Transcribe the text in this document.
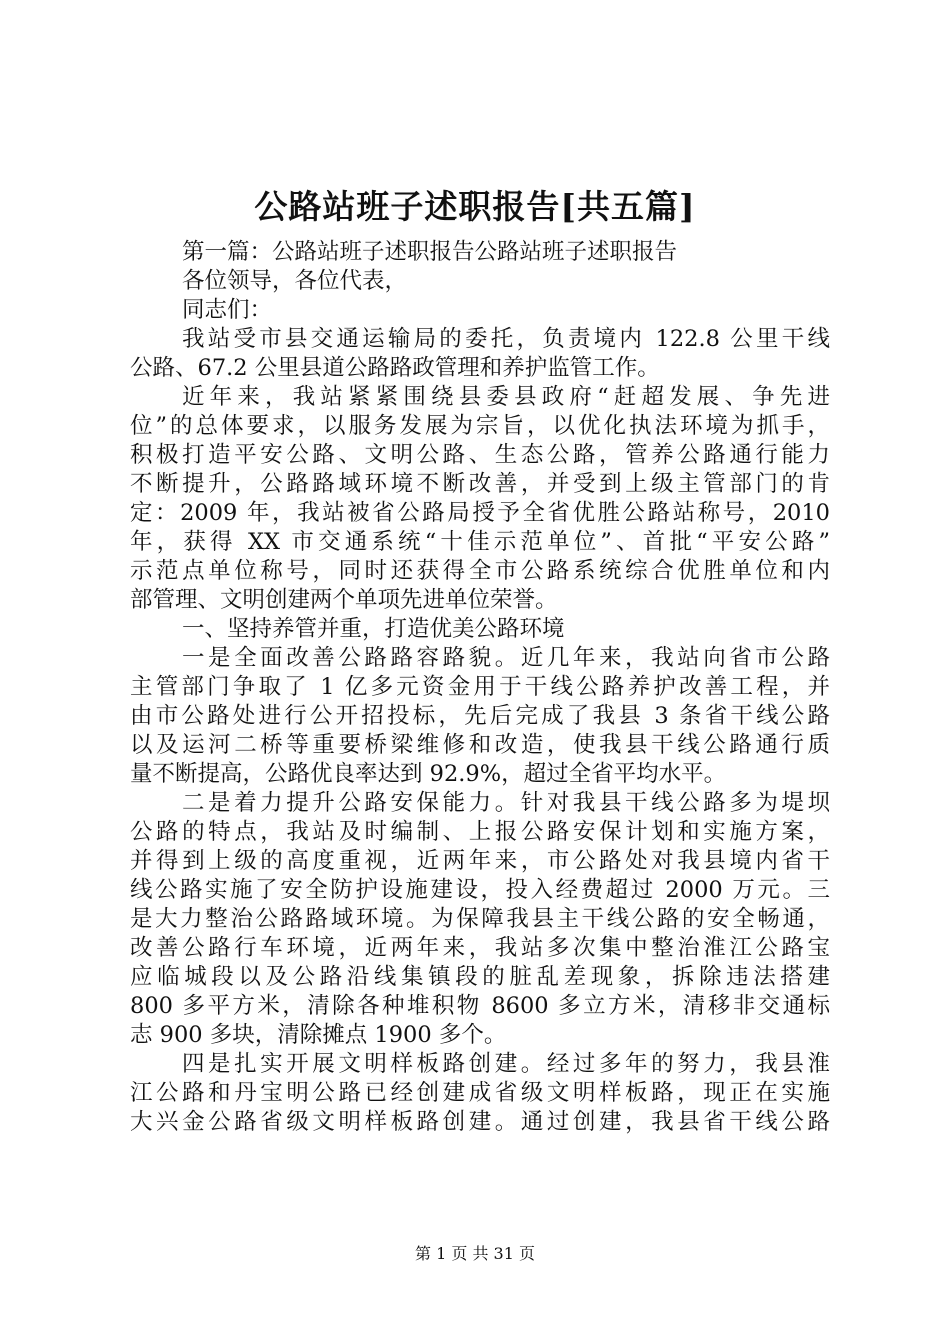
公路站班子述职报告[共五篇]
第一篇：公路站班子述职报告公路站班子述职报告
各位领导，各位代表，
同志们：
我站受市县交通运输局的委托，负责境内 122.8 公里干线
公路、67.2 公里县道公路路政管理和养护监管工作。
近年来，我站紧紧围绕县委县政府“赶超发展、争先进
位”的总体要求，以服务发展为宗旨，以优化执法环境为抓手，
积极打造平安公路、文明公路、生态公路，管养公路通行能力
不断提升，公路路域环境不断改善，并受到上级主管部门的肯
定：2009 年，我站被省公路局授予全省优胜公路站称号，2010
年，获得 XX 市交通系统“十佳示范单位”、首批“平安公路”
示范点单位称号，同时还获得全市公路系统综合优胜单位和内
部管理、文明创建两个单项先进单位荣誉。
一、坚持养管并重，打造优美公路环境
一是全面改善公路路容路貌。近几年来，我站向省市公路
主管部门争取了 1 亿多元资金用于干线公路养护改善工程，并
由市公路处进行公开招投标，先后完成了我县 3 条省干线公路
以及运河二桥等重要桥梁维修和改造，使我县干线公路通行质
量不断提高，公路优良率达到 92.9%，超过全省平均水平。
二是着力提升公路安保能力。针对我县干线公路多为堤坝
公路的特点，我站及时编制、上报公路安保计划和实施方案，
并得到上级的高度重视，近两年来，市公路处对我县境内省干
线公路实施了安全防护设施建设，投入经费超过 2000 万元。三
是大力整治公路路域环境。为保障我县主干线公路的安全畅通，
改善公路行车环境，近两年来，我站多次集中整治淮江公路宝
应临城段以及公路沿线集镇段的脏乱差现象，拆除违法搭建
800 多平方米，清除各种堆积物 8600 多立方米，清移非交通标
志 900 多块，清除摊点 1900 多个。
四是扎实开展文明样板路创建。经过多年的努力，我县淮
江公路和丹宝明公路已经创建成省级文明样板路，现正在实施
大兴金公路省级文明样板路创建。通过创建，我县省干线公路
第 1 页 共 31 页
